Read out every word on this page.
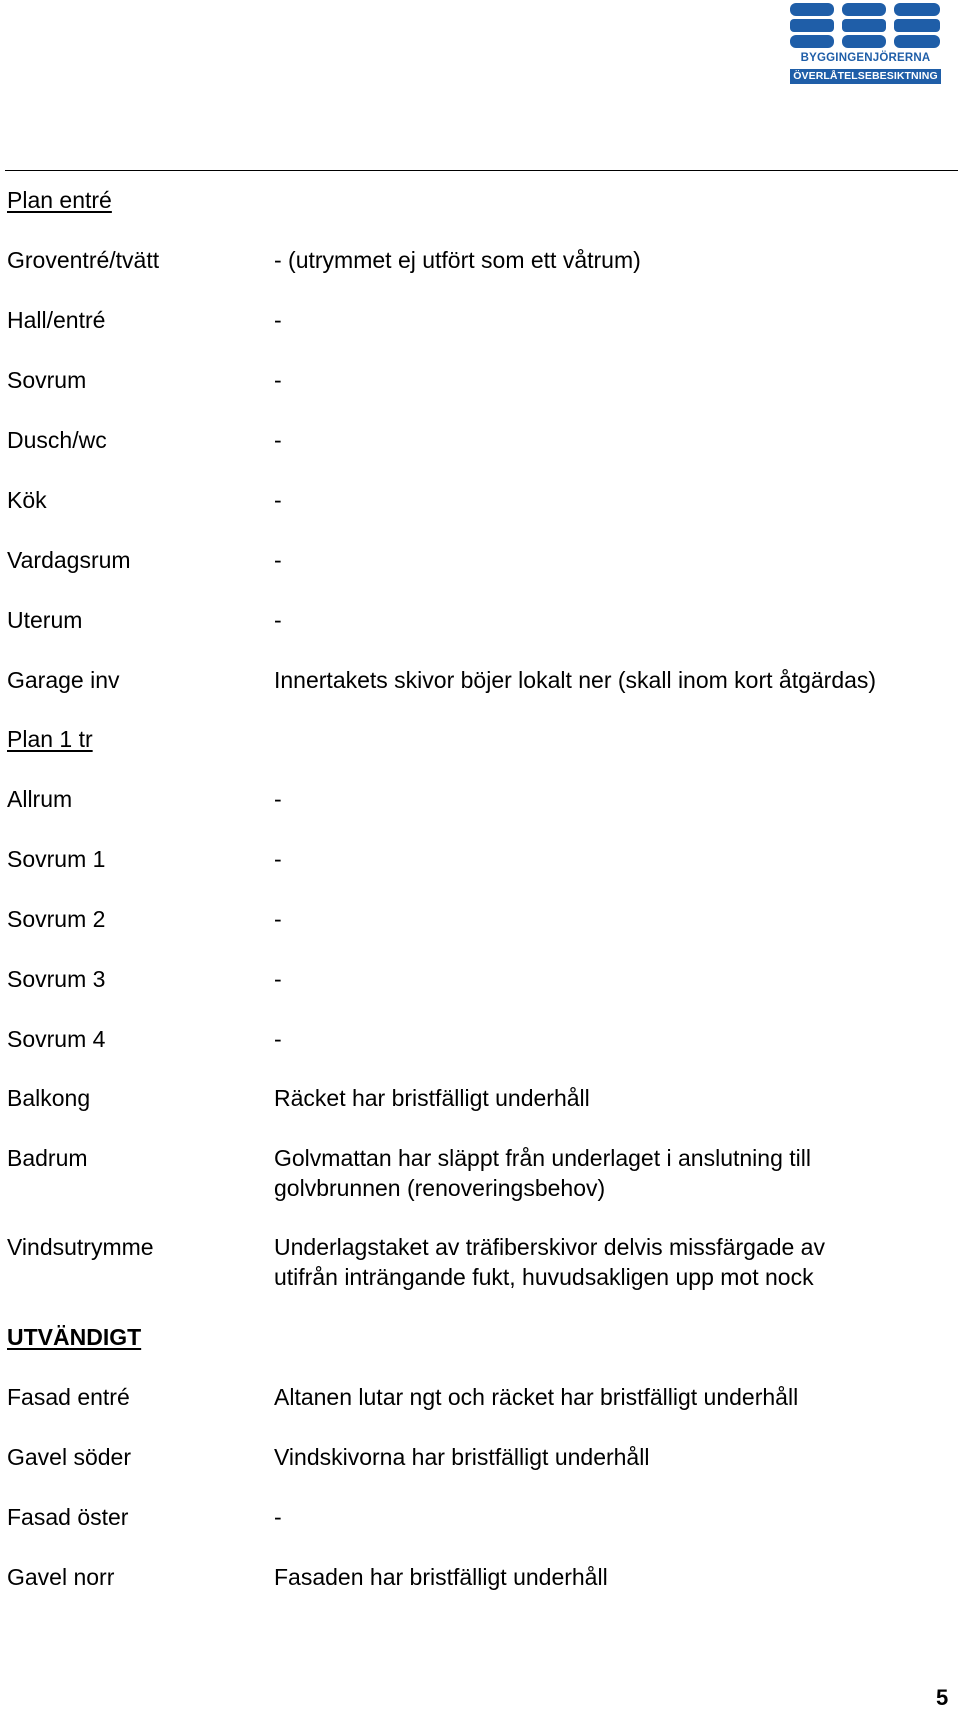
BYGGINGENJÖRERNA
ÖVERLÅTELSEBESIKTNING
Plan entré
Groventré/tvätt	- (utrymmet ej utfört som ett våtrum)
Hall/entré	-
Sovrum	-
Dusch/wc	-
Kök	-
Vardagsrum	-
Uterum	-
Garage inv	Innertakets skivor böjer lokalt ner (skall inom kort åtgärdas)
Plan 1 tr
Allrum	-
Sovrum 1	-
Sovrum 2	-
Sovrum 3	-
Sovrum 4	-
Balkong	Räcket har bristfälligt underhåll
Badrum	Golvmattan har släppt från underlaget i anslutning till
golvbrunnen (renoveringsbehov)
Vindsutrymme	Underlagstaket av träfiberskivor delvis missfärgade av
utifrån inträngande fukt, huvudsakligen upp mot nock
UTVÄNDIGT
Fasad entré	Altanen lutar ngt och räcket har bristfälligt underhåll
Gavel söder	Vindskivorna har bristfälligt underhåll
Fasad öster	-
Gavel norr	Fasaden har bristfälligt underhåll
5
